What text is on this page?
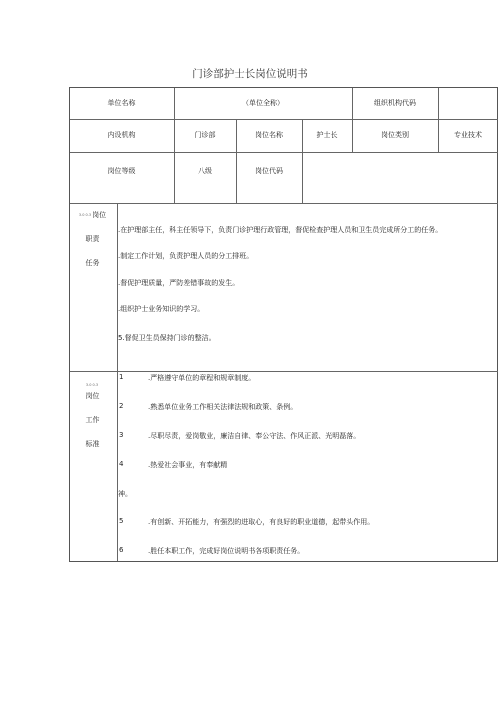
门诊部护士长岗位说明书
单位名称	（单位全称）	组织机构代码
内设机构	门诊部	岗位名称	护士长	岗位类别	专业技术
岗位等级	八级	岗位代码
3.0 0.3岗位
职责
任务
.在护理部主任，科主任领导下，负责门诊护理行政管理，督促检查护理人员和卫生员完成所分工的任务。
.制定工作计划，负责护理人员的分工排班。
.督促护理质量，严防差错事故的发生。
.组织护士业务知识的学习。
5.督促卫生员保持门诊的整洁。
3.0 0.3
岗位
工作
标准
1	.严格遵守单位的章程和规章制度。
2	.熟悉单位业务工作相关法律法规和政策、条例。
3	.尽职尽责，爱岗敬业，廉洁自律、奉公守法、作风正派、光明磊落。
4	.热爱社会事业，有奉献精
神。
5	.有创新、开拓能力，有强烈的进取心，有良好的职业道德，起带头作用。
6	.胜任本职工作，完成好岗位说明书各项职责任务。
